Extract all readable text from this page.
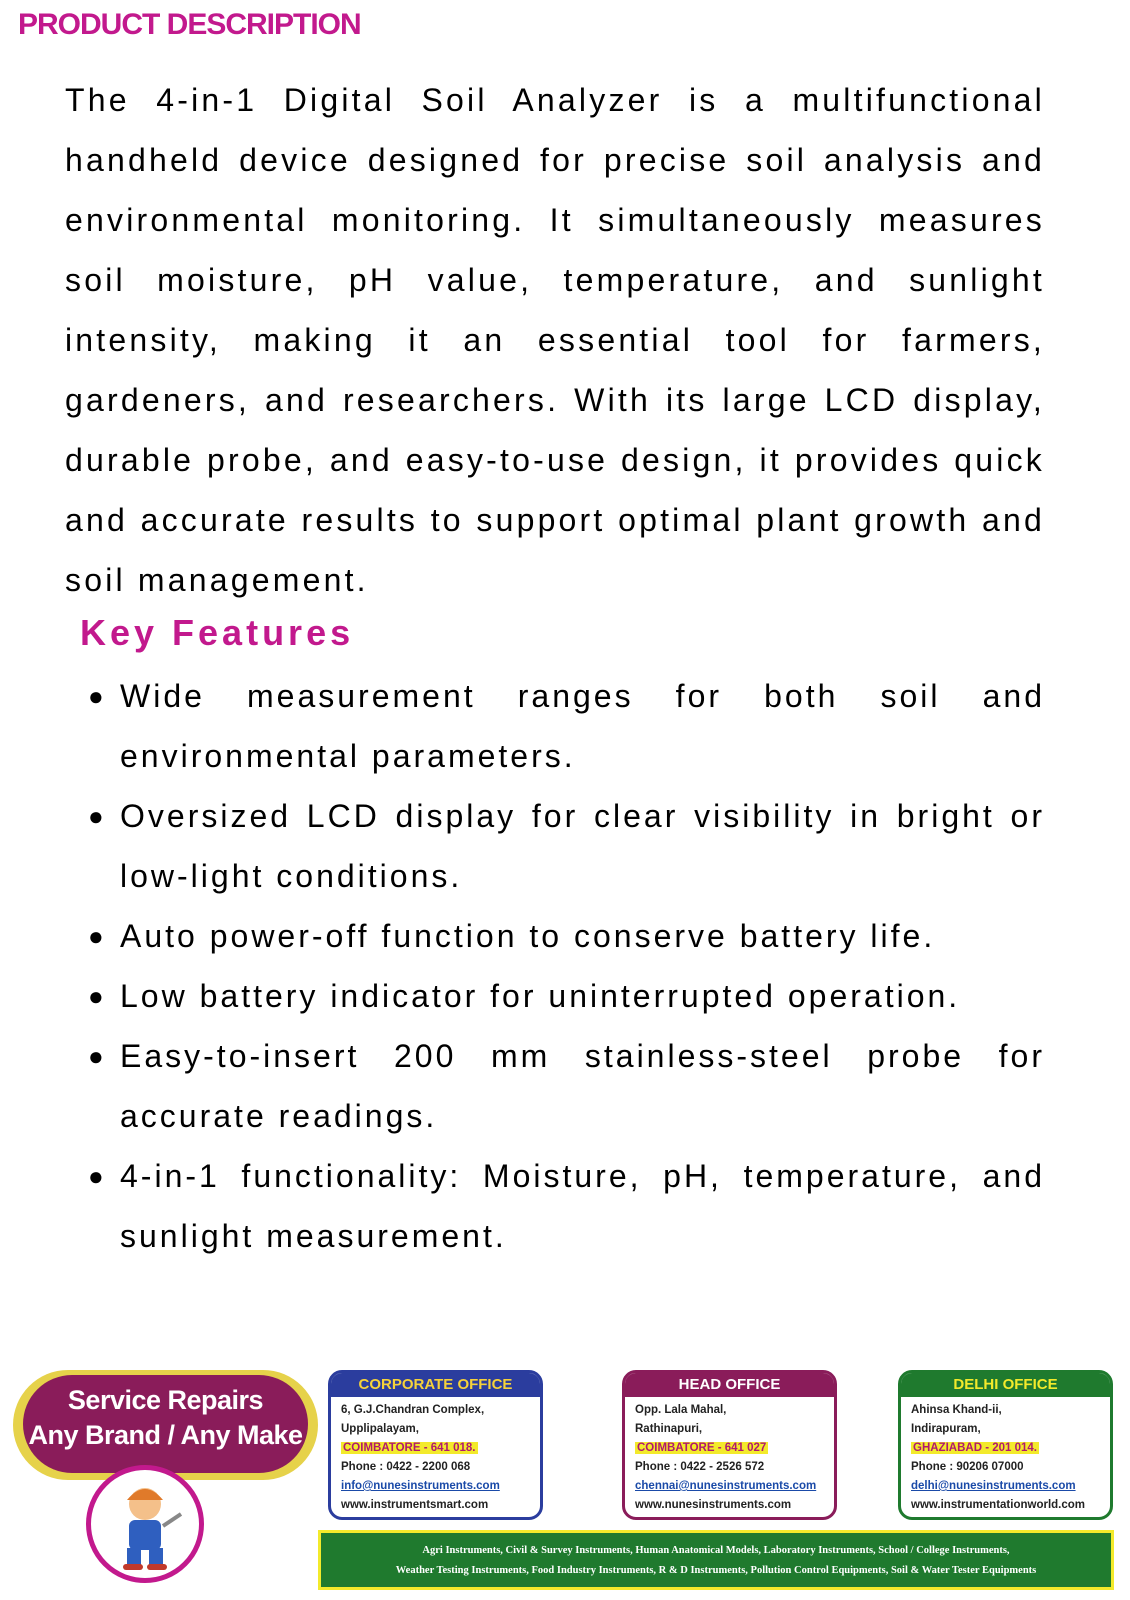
PRODUCT DESCRIPTION
The 4-in-1 Digital Soil Analyzer is a multifunctional handheld device designed for precise soil analysis and environmental monitoring. It simultaneously measures soil moisture, pH value, temperature, and sunlight intensity, making it an essential tool for farmers, gardeners, and researchers. With its large LCD display, durable probe, and easy-to-use design, it provides quick and accurate results to support optimal plant growth and soil management.
Key Features
● Wide measurement ranges for both soil and environmental parameters.
● Oversized LCD display for clear visibility in bright or low-light conditions.
● Auto power-off function to conserve battery life.
● Low battery indicator for uninterrupted operation.
● Easy-to-insert 200 mm stainless-steel probe for accurate readings.
● 4-in-1 functionality: Moisture, pH, temperature, and sunlight measurement.
Service Repairs
Any Brand / Any Make
CORPORATE OFFICE
6, G.J.Chandran Complex,
Upplipalayam,
COIMBATORE - 641 018.
Phone : 0422 - 2200 068
info@nunesinstruments.com
www.instrumentsmart.com
HEAD OFFICE
Opp. Lala Mahal,
Rathinapuri,
COIMBATORE - 641 027
Phone : 0422 - 2526 572
chennai@nunesinstruments.com
www.nunesinstruments.com
DELHI OFFICE
Ahinsa Khand-ii,
Indirapuram,
GHAZIABAD - 201 014.
Phone : 90206 07000
delhi@nunesinstruments.com
www.instrumentationworld.com
Agri Instruments, Civil & Survey Instruments, Human Anatomical Models, Laboratory Instruments, School / College Instruments,
Weather Testing Instruments, Food Industry Instruments, R & D Instruments, Pollution Control Equipments, Soil & Water Tester Equipments
